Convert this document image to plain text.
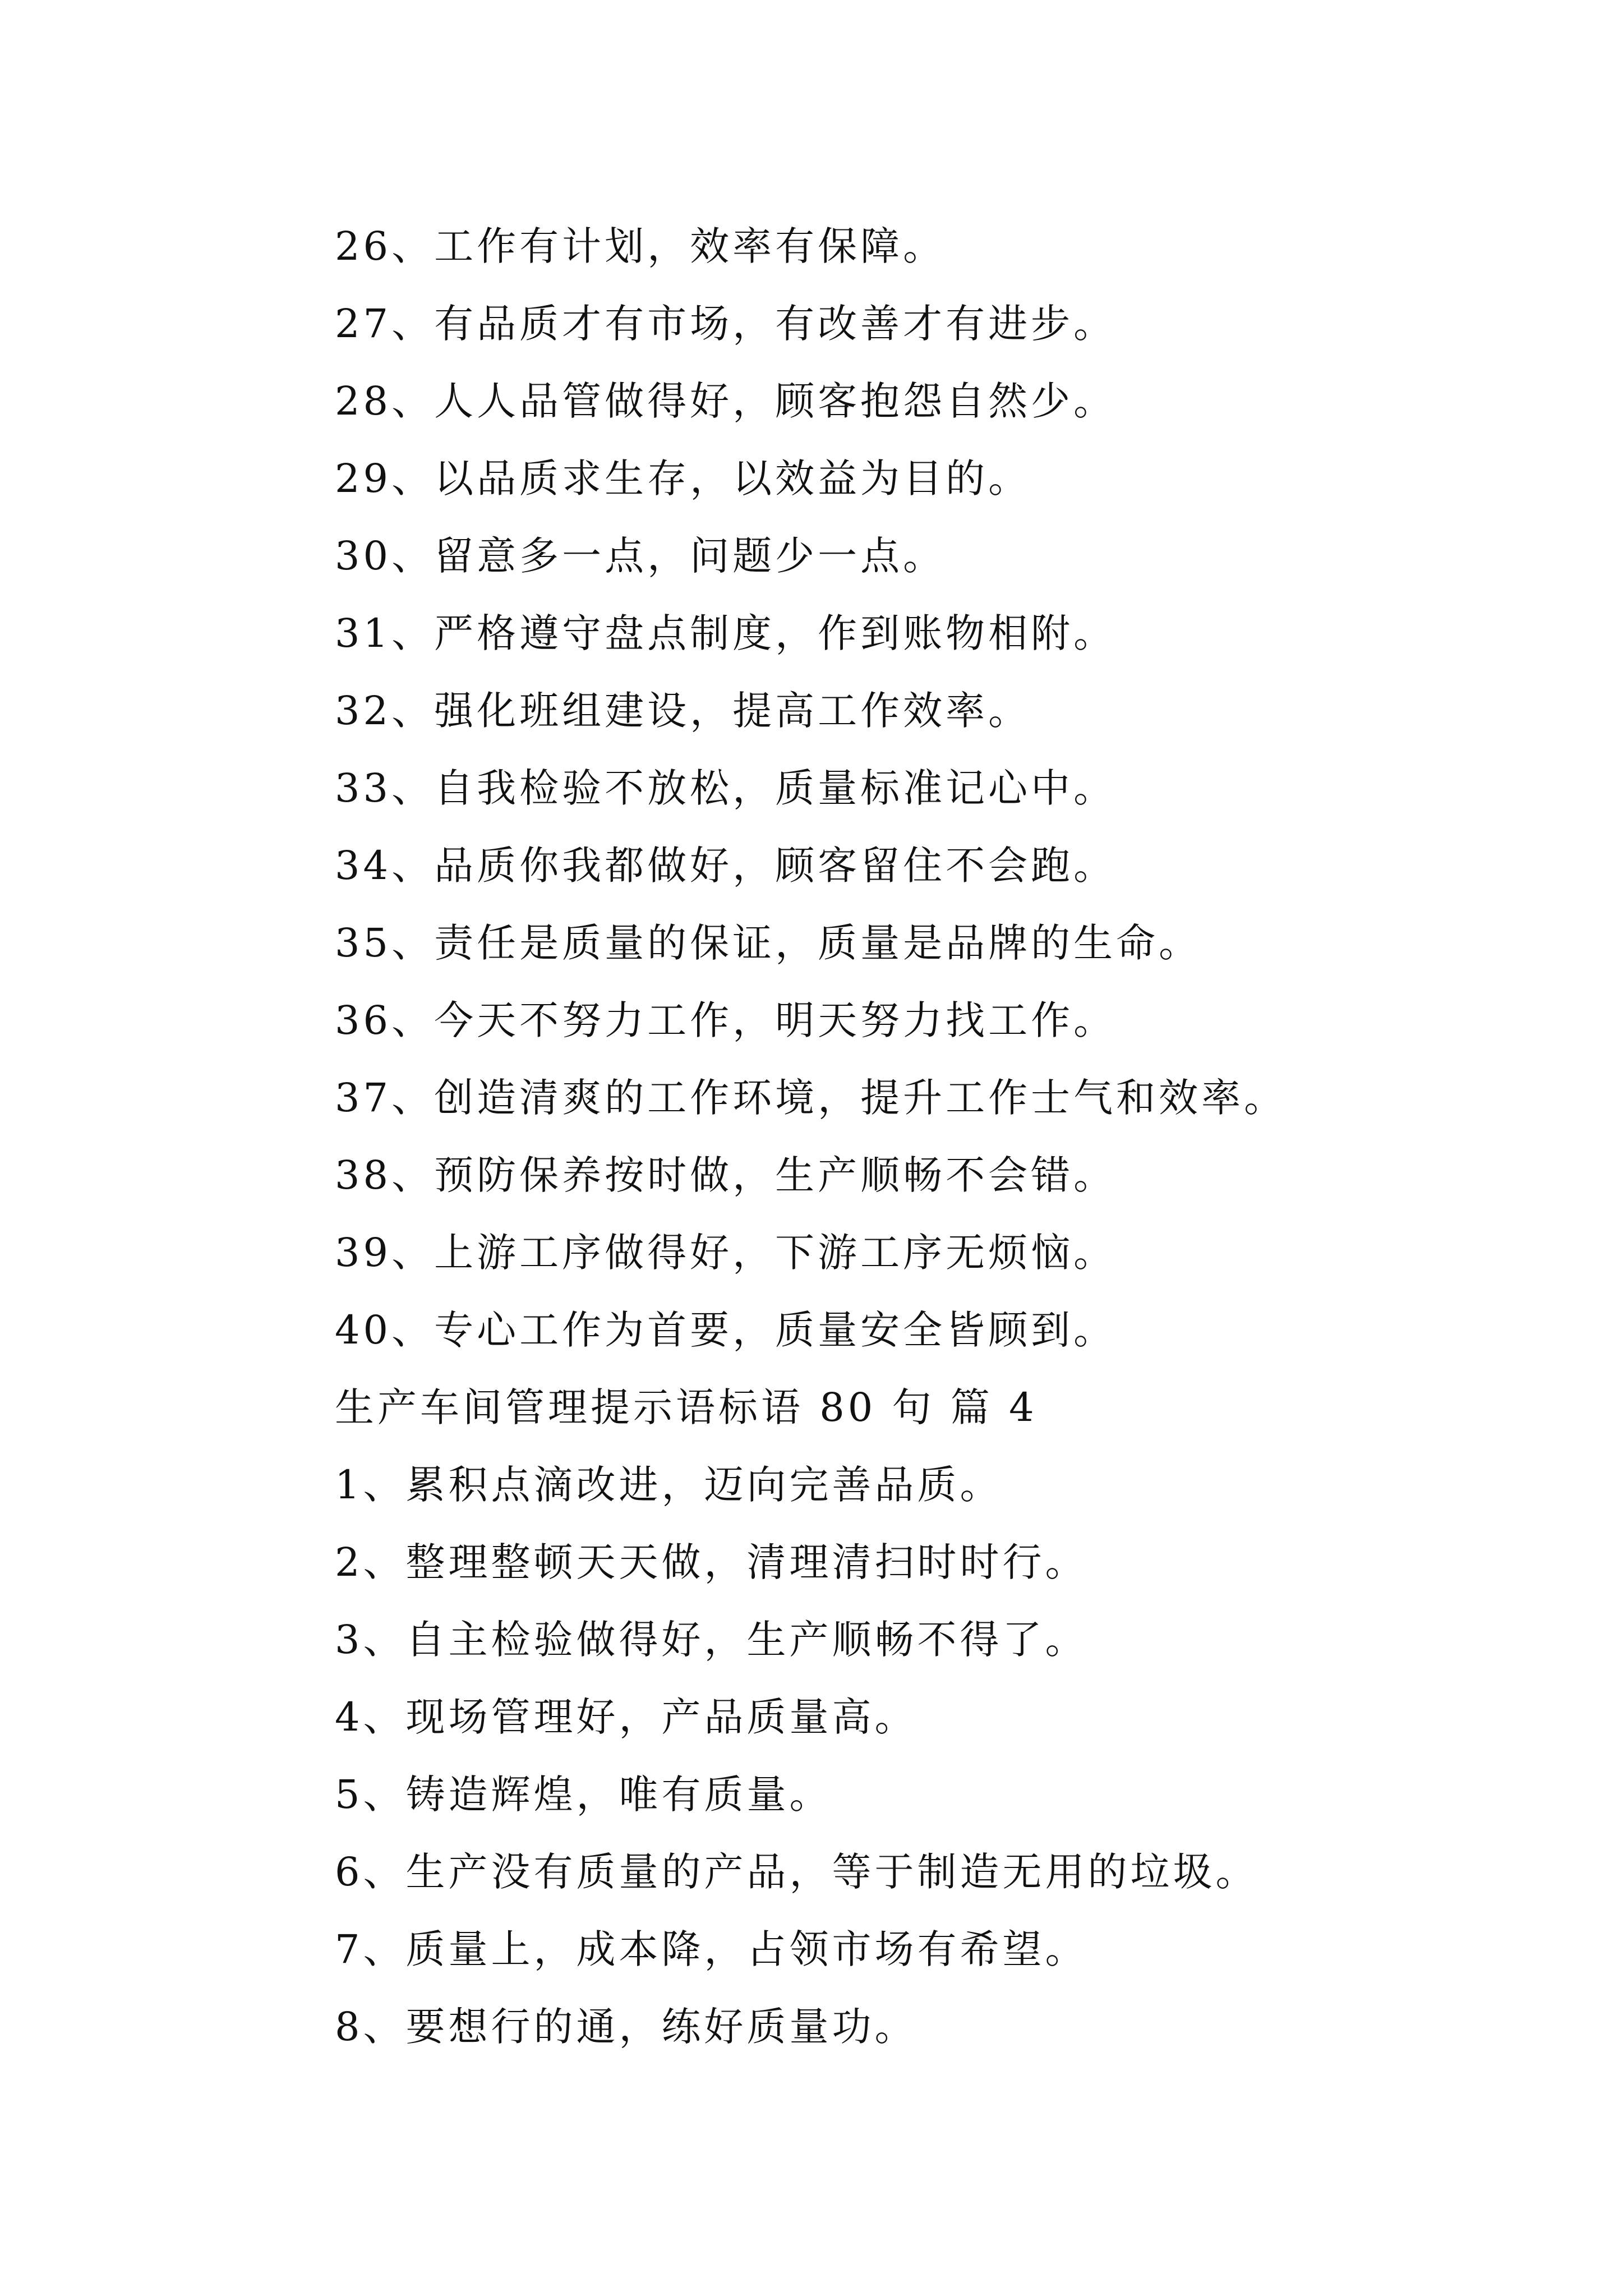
26、工作有计划，效率有保障。
27、有品质才有市场，有改善才有进步。
28、人人品管做得好，顾客抱怨自然少。
29、以品质求生存，以效益为目的。
30、留意多一点，问题少一点。
31、严格遵守盘点制度，作到账物相附。
32、强化班组建设，提高工作效率。
33、自我检验不放松，质量标准记心中。
34、品质你我都做好，顾客留住不会跑。
35、责任是质量的保证，质量是品牌的生命。
36、今天不努力工作，明天努力找工作。
37、创造清爽的工作环境，提升工作士气和效率。
38、预防保养按时做，生产顺畅不会错。
39、上游工序做得好，下游工序无烦恼。
40、专心工作为首要，质量安全皆顾到。
生产车间管理提示语标语 80 句 篇 4
1、累积点滴改进，迈向完善品质。
2、整理整顿天天做，清理清扫时时行。
3、自主检验做得好，生产顺畅不得了。
4、现场管理好，产品质量高。
5、铸造辉煌，唯有质量。
6、生产没有质量的产品，等于制造无用的垃圾。
7、质量上，成本降，占领市场有希望。
8、要想行的通，练好质量功。
